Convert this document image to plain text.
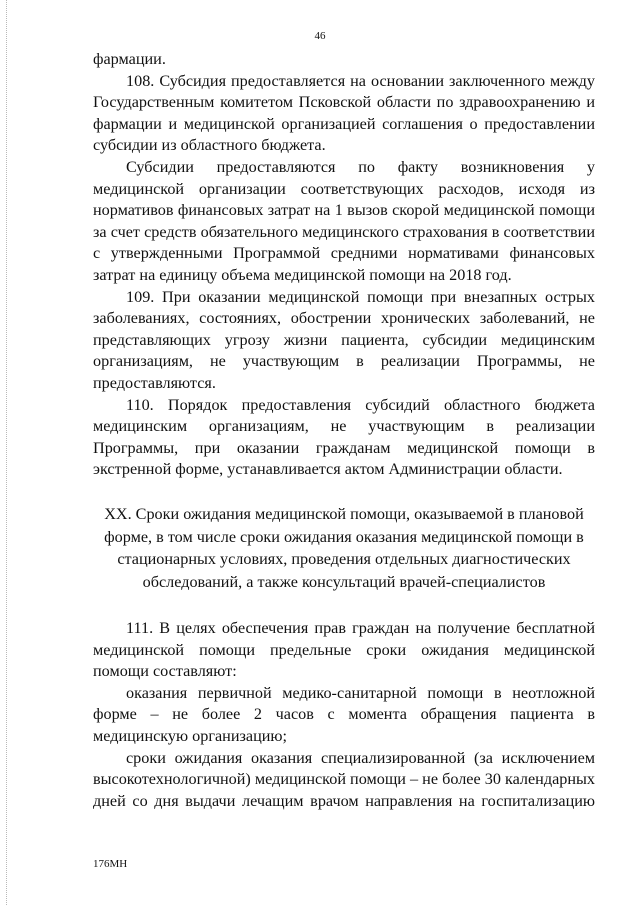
46

фармации.

108. Субсидия предоставляется на основании заключенного между Государственным комитетом Псковской области по здравоохранению и фармации и медицинской организацией соглашения о предоставлении субсидии из областного бюджета.

Субсидии предоставляются по факту возникновения у медицинской организации соответствующих расходов, исходя из нормативов финансовых затрат на 1 вызов скорой медицинской помощи за счет средств обязательного медицинского страхования в соответствии с утвержденными Программой средними нормативами финансовых затрат на единицу объема медицинской помощи на 2018 год.

109. При оказании медицинской помощи при внезапных острых заболеваниях, состояниях, обострении хронических заболеваний, не представляющих угрозу жизни пациента, субсидии медицинским организациям, не участвующим в реализации Программы, не предоставляются.

110. Порядок предоставления субсидий областного бюджета медицинским организациям, не участвующим в реализации Программы, при оказании гражданам медицинской помощи в экстренной форме, устанавливается актом Администрации области.

XX. Сроки ожидания медицинской помощи, оказываемой в плановой форме, в том числе сроки ожидания оказания медицинской помощи в стационарных условиях, проведения отдельных диагностических обследований, а также консультаций врачей-специалистов

111. В целях обеспечения прав граждан на получение бесплатной медицинской помощи предельные сроки ожидания медицинской помощи составляют:

оказания первичной медико-санитарной помощи в неотложной форме – не более 2 часов с момента обращения пациента в медицинскую организацию;

сроки ожидания оказания специализированной (за исключением высокотехнологичной) медицинской помощи – не более 30 календарных дней со дня выдачи лечащим врачом направления на госпитализацию

176МН
